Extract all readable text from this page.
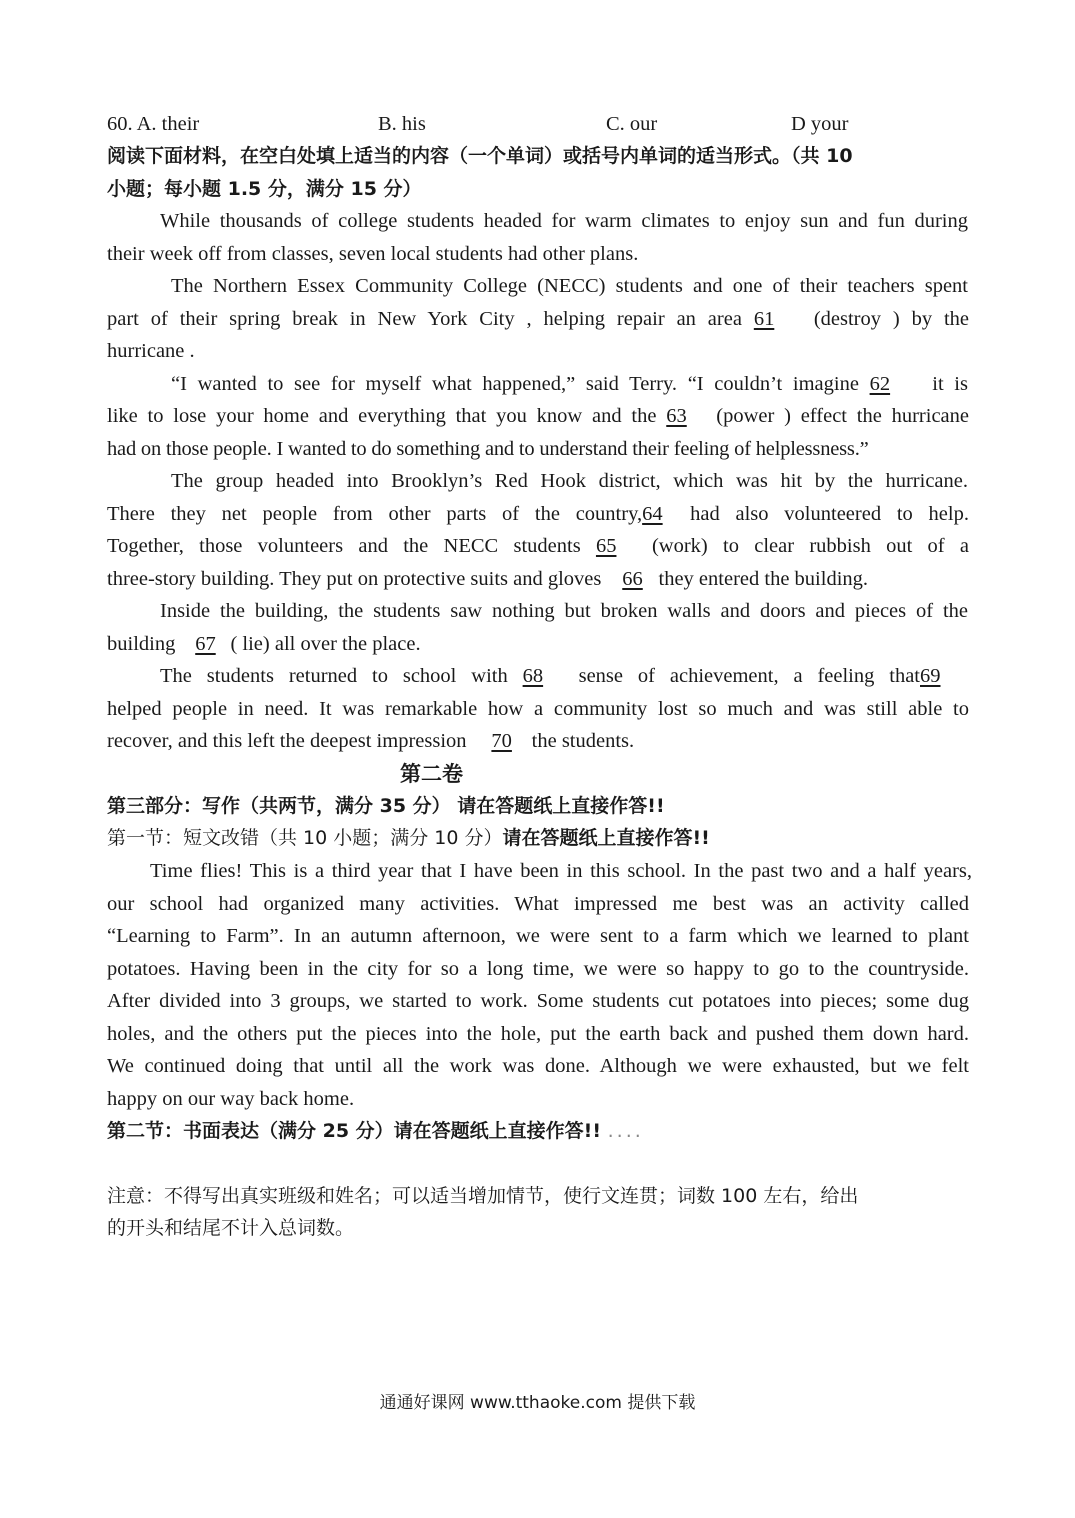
60. A. their	B. his	C. our	D your
阅读下面材料，在空白处填上适当的内容（一个单词）或括号内单词的适当形式。（共 10
小题；每小题 1.5 分，满分 15 分）
While thousands of college students headed for warm climates to enjoy sun and fun during
their week off from classes, seven local students had other plans.
The Northern Essex Community College (NECC) students and one of their teachers spent
part of their spring break in New York City , helping repair an area 61 (destroy ) by the
hurricane .
“I wanted to see for myself what happened,” said Terry. “I couldn’t imagine 62 it is
like to lose your home and everything that you know and the 63 (power ) effect the hurricane
had on those people. I wanted to do something and to understand their feeling of helplessness.”
The group headed into Brooklyn’s Red Hook district, which was hit by the hurricane.
There they net people from other parts of the country,64 had also volunteered to help.
Together, those volunteers and the NECC students 65 (work) to clear rubbish out of a
three-story building. They put on protective suits and gloves 66 they entered the building.
Inside the building, the students saw nothing but broken walls and doors and pieces of the
building 67 ( lie) all over the place.
The students returned to school with 68 sense of achievement, a feeling that69
helped people in need. It was remarkable how a community lost so much and was still able to
recover, and this left the deepest impression 70 the students.
第二卷
第三部分：写作（共两节，满分 35 分） 请在答题纸上直接作答!!
第一节：短文改错（共 10 小题；满分 10 分）请在答题纸上直接作答!!
Time flies! This is a third year that I have been in this school. In the past two and a half years,
our school had organized many activities. What impressed me best was an activity called
“Learning to Farm”. In an autumn afternoon, we were sent to a farm which we learned to plant
potatoes. Having been in the city for so a long time, we were so happy to go to the countryside.
After divided into 3 groups, we started to work. Some students cut potatoes into pieces; some dug
holes, and the others put the pieces into the hole, put the earth back and pushed them down hard.
We continued doing that until all the work was done. Although we were exhausted, but we felt
happy on our way back home.
第二节：书面表达（满分 25 分）请在答题纸上直接作答!! ....
注意：不得写出真实班级和姓名；可以适当增加情节，使行文连贯；词数 100 左右，给出
的开头和结尾不计入总词数。
通通好课网 www.tthaoke.com 提供下载
